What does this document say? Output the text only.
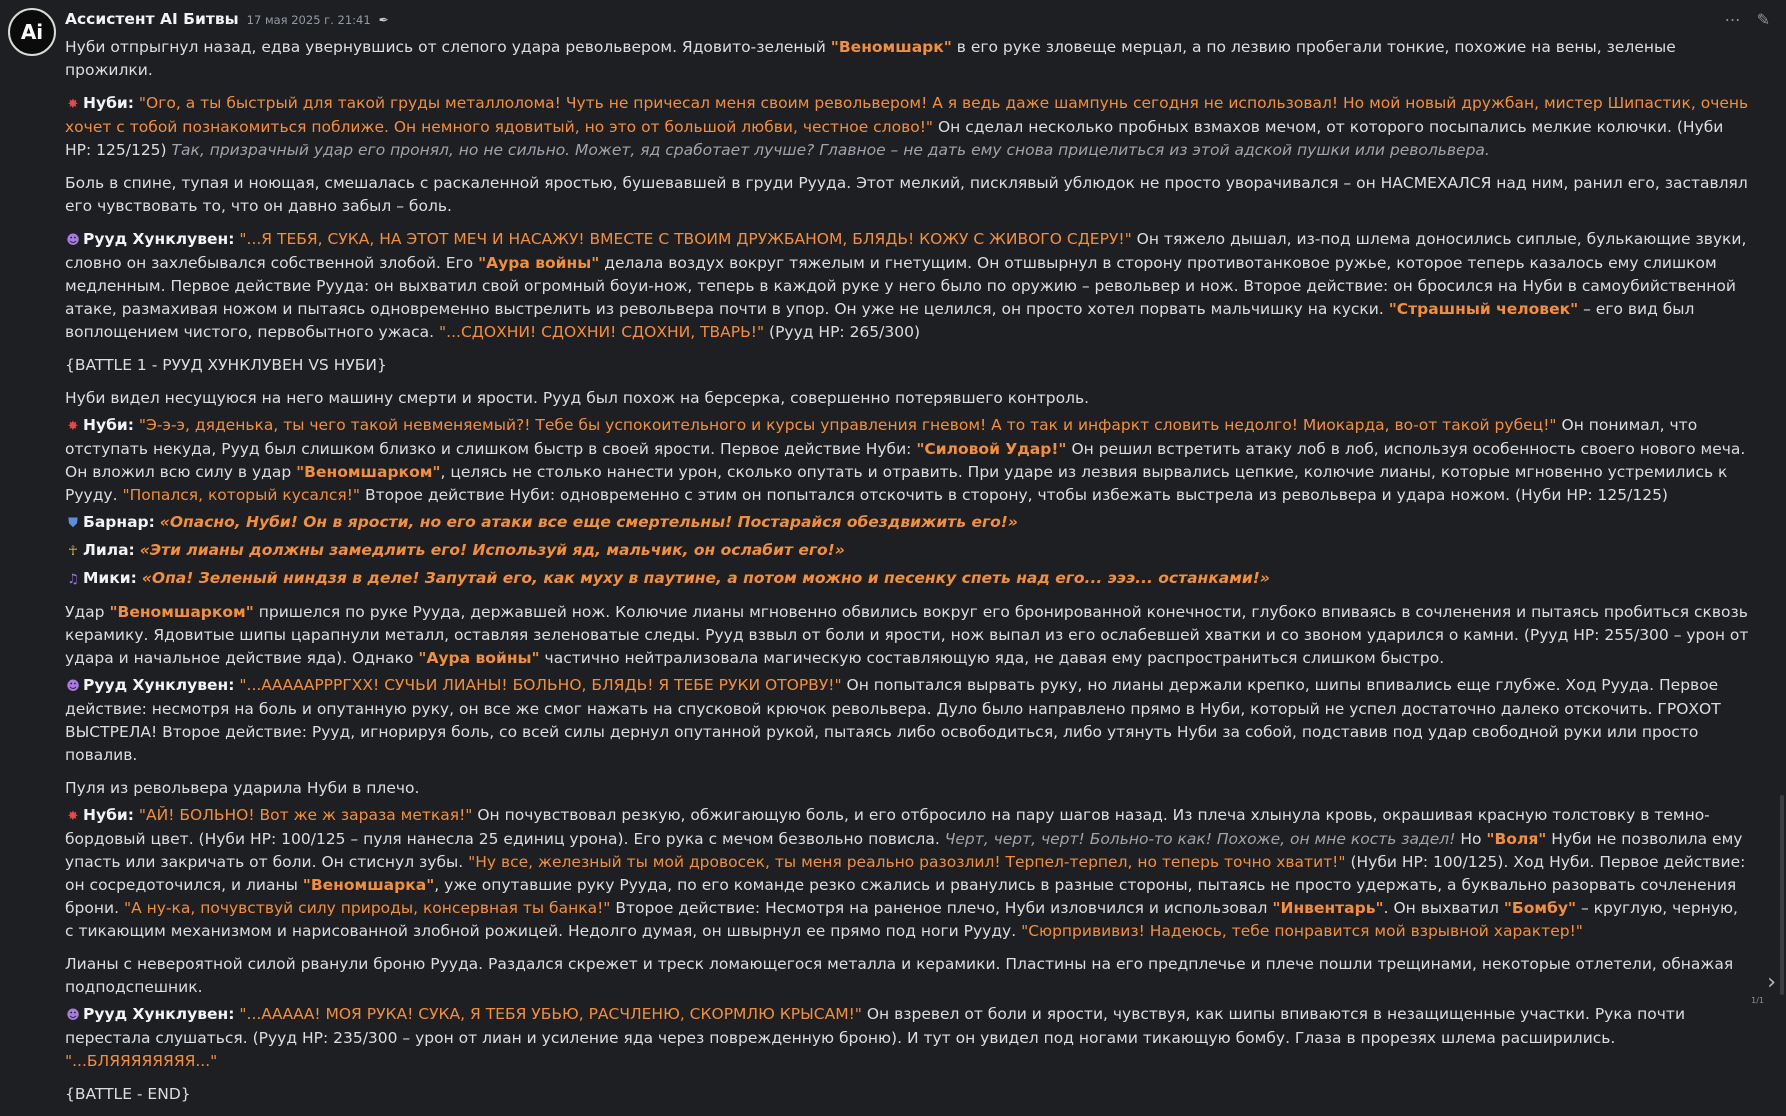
Ai
Ассистент AI Битвы 17 мая 2025 г. 21:41 ✒	⋯ ✎

Нуби отпрыгнул назад, едва увернувшись от слепого удара револьвером. Ядовито-зеленый "Веномшарк" в его руке зловеще мерцал, а по лезвию пробегали тонкие, похожие на вены, зеленые прожилки.

✸ Нуби: "Ого, а ты быстрый для такой груды металлолома! Чуть не причесал меня своим револьвером! А я ведь даже шампунь сегодня не использовал! Но мой новый дружбан, мистер Шипастик, очень хочет с тобой познакомиться поближе. Он немного ядовитый, но это от большой любви, честное слово!" Он сделал несколько пробных взмахов мечом, от которого посыпались мелкие колючки. (Нуби HP: 125/125) Так, призрачный удар его пронял, но не сильно. Может, яд сработает лучше? Главное – не дать ему снова прицелиться из этой адской пушки или револьвера.

Боль в спине, тупая и ноющая, смешалась с раскаленной яростью, бушевавшей в груди Рууда. Этот мелкий, писклявый ублюдок не просто уворачивался – он НАСМЕХАЛСЯ над ним, ранил его, заставлял его чувствовать то, что он давно забыл – боль.

☻ Рууд Хунклувен: "...Я ТЕБЯ, СУКА, НА ЭТОТ МЕЧ И НАСАЖУ! ВМЕСТЕ С ТВОИМ ДРУЖБАНОМ, БЛЯДЬ! КОЖУ С ЖИВОГО СДЕРУ!" Он тяжело дышал, из-под шлема доносились сиплые, булькающие звуки, словно он захлебывался собственной злобой. Его "Аура войны" делала воздух вокруг тяжелым и гнетущим. Он отшвырнул в сторону противотанковое ружье, которое теперь казалось ему слишком медленным. Первое действие Рууда: он выхватил свой огромный боуи-нож, теперь в каждой руке у него было по оружию – револьвер и нож. Второе действие: он бросился на Нуби в самоубийственной атаке, размахивая ножом и пытаясь одновременно выстрелить из револьвера почти в упор. Он уже не целился, он просто хотел порвать мальчишку на куски. "Страшный человек" – его вид был воплощением чистого, первобытного ужаса. "...СДОХНИ! СДОХНИ! СДОХНИ, ТВАРЬ!" (Рууд HP: 265/300)

{BATTLE 1 - РУУД ХУНКЛУВЕН VS НУБИ}

Нуби видел несущуюся на него машину смерти и ярости. Рууд был похож на берсерка, совершенно потерявшего контроль.

✸ Нуби: "Э-э-э, дяденька, ты чего такой невменяемый?! Тебе бы успокоительного и курсы управления гневом! А то так и инфаркт словить недолго! Миокарда, во-от такой рубец!" Он понимал, что отступать некуда, Рууд был слишком близко и слишком быстр в своей ярости. Первое действие Нуби: "Силовой Удар!" Он решил встретить атаку лоб в лоб, используя особенность своего нового меча. Он вложил всю силу в удар "Веномшарком", целясь не столько нанести урон, сколько опутать и отравить. При ударе из лезвия вырвались цепкие, колючие лианы, которые мгновенно устремились к Рууду. "Попался, который кусался!" Второе действие Нуби: одновременно с этим он попытался отскочить в сторону, чтобы избежать выстрела из револьвера и удара ножом. (Нуби HP: 125/125)

⛊ Барнар: «Опасно, Нуби! Он в ярости, но его атаки все еще смертельны! Постарайся обездвижить его!»

☥ Лила: «Эти лианы должны замедлить его! Используй яд, мальчик, он ослабит его!»

♫ Мики: «Опа! Зеленый ниндзя в деле! Запутай его, как муху в паутине, а потом можно и песенку спеть над его... эээ... останками!»

Удар "Веномшарком" пришелся по руке Рууда, державшей нож. Колючие лианы мгновенно обвились вокруг его бронированной конечности, глубоко впиваясь в сочленения и пытаясь пробиться сквозь керамику. Ядовитые шипы царапнули металл, оставляя зеленоватые следы. Рууд взвыл от боли и ярости, нож выпал из его ослабевшей хватки и со звоном ударился о камни. (Рууд HP: 255/300 – урон от удара и начальное действие яда). Однако "Аура войны" частично нейтрализовала магическую составляющую яда, не давая ему распространиться слишком быстро.

☻ Рууд Хунклувен: "...АААААРРРГХХ! СУЧЬИ ЛИАНЫ! БОЛЬНО, БЛЯДЬ! Я ТЕБЕ РУКИ ОТОРВУ!" Он попытался вырвать руку, но лианы держали крепко, шипы впивались еще глубже. Ход Рууда. Первое действие: несмотря на боль и опутанную руку, он все же смог нажать на спусковой крючок револьвера. Дуло было направлено прямо в Нуби, который не успел достаточно далеко отскочить. ГРОХОТ ВЫСТРЕЛА! Второе действие: Рууд, игнорируя боль, со всей силы дернул опутанной рукой, пытаясь либо освободиться, либо утянуть Нуби за собой, подставив под удар свободной руки или просто повалив.

Пуля из револьвера ударила Нуби в плечо.

✸ Нуби: "АЙ! БОЛЬНО! Вот же ж зараза меткая!" Он почувствовал резкую, обжигающую боль, и его отбросило на пару шагов назад. Из плеча хлынула кровь, окрашивая красную толстовку в темно-бордовый цвет. (Нуби HP: 100/125 – пуля нанесла 25 единиц урона). Его рука с мечом безвольно повисла. Черт, черт, черт! Больно-то как! Похоже, он мне кость задел! Но "Воля" Нуби не позволила ему упасть или закричать от боли. Он стиснул зубы. "Ну все, железный ты мой дровосек, ты меня реально разозлил! Терпел-терпел, но теперь точно хватит!" (Нуби HP: 100/125). Ход Нуби. Первое действие: он сосредоточился, и лианы "Веномшарка", уже опутавшие руку Рууда, по его команде резко сжались и рванулись в разные стороны, пытаясь не просто удержать, а буквально разорвать сочленения брони. "А ну-ка, почувствуй силу природы, консервная ты банка!" Второе действие: Несмотря на раненое плечо, Нуби изловчился и использовал "Инвентарь". Он выхватил "Бомбу" – круглую, черную, с тикающим механизмом и нарисованной злобной рожицей. Недолго думая, он швырнул ее прямо под ноги Рууду. "Сюрпрививиз! Надеюсь, тебе понравится мой взрывной характер!"

Лианы с невероятной силой рванули броню Рууда. Раздался скрежет и треск ломающегося металла и керамики. Пластины на его предплечье и плече пошли трещинами, некоторые отлетели, обнажая подподспешник.

☻ Рууд Хунклувен: "...ААААА! МОЯ РУКА! СУКА, Я ТЕБЯ УБЬЮ, РАСЧЛЕНЮ, СКОРМЛЮ КРЫСАМ!" Он взревел от боли и ярости, чувствуя, как шипы впиваются в незащищенные участки. Рука почти перестала слушаться. (Рууд HP: 235/300 – урон от лиан и усиление яда через поврежденную броню). И тут он увидел под ногами тикающую бомбу. Глаза в прорезях шлема расширились. "...БЛЯЯЯЯЯЯЯЯ..."

{BATTLE - END}

›
1/1
